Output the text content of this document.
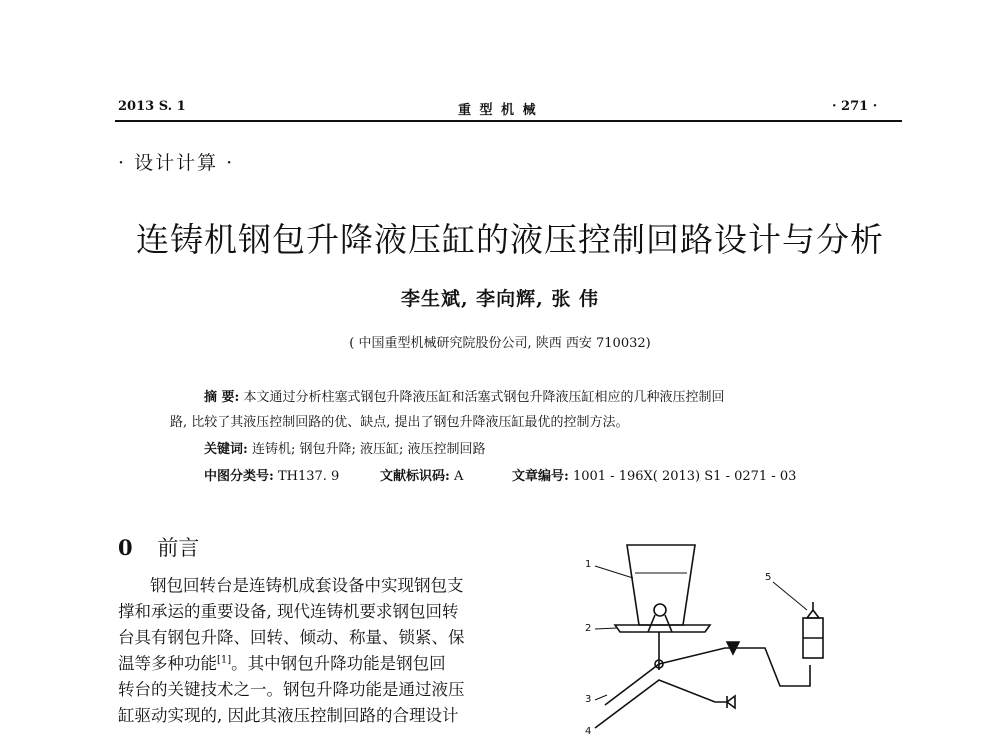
2013 S. 1	重 型 机 械	· 271 ·
· 设计计算 ·
连铸机钢包升降液压缸的液压控制回路设计与分析
李生斌, 李向辉, 张 伟
( 中国重型机械研究院股份公司, 陕西 西安 710032)
摘 要: 本文通过分析柱塞式钢包升降液压缸和活塞式钢包升降液压缸相应的几种液压控制回
路, 比较了其液压控制回路的优、缺点, 提出了钢包升降液压缸最优的控制方法。
关键词: 连铸机; 钢包升降; 液压缸; 液压控制回路
中图分类号: TH137. 9	文献标识码: A	文章编号: 1001 - 196X( 2013) S1 - 0271 - 03
0 前言
钢包回转台是连铸机成套设备中实现钢包支
撑和承运的重要设备, 现代连铸机要求钢包回转
台具有钢包升降、回转、倾动、称量、锁紧、保
温等多种功能[1]。其中钢包升降功能是钢包回
转台的关键技术之一。钢包升降功能是通过液压
缸驱动实现的, 因此其液压控制回路的合理设计
1
2
3
4
5
